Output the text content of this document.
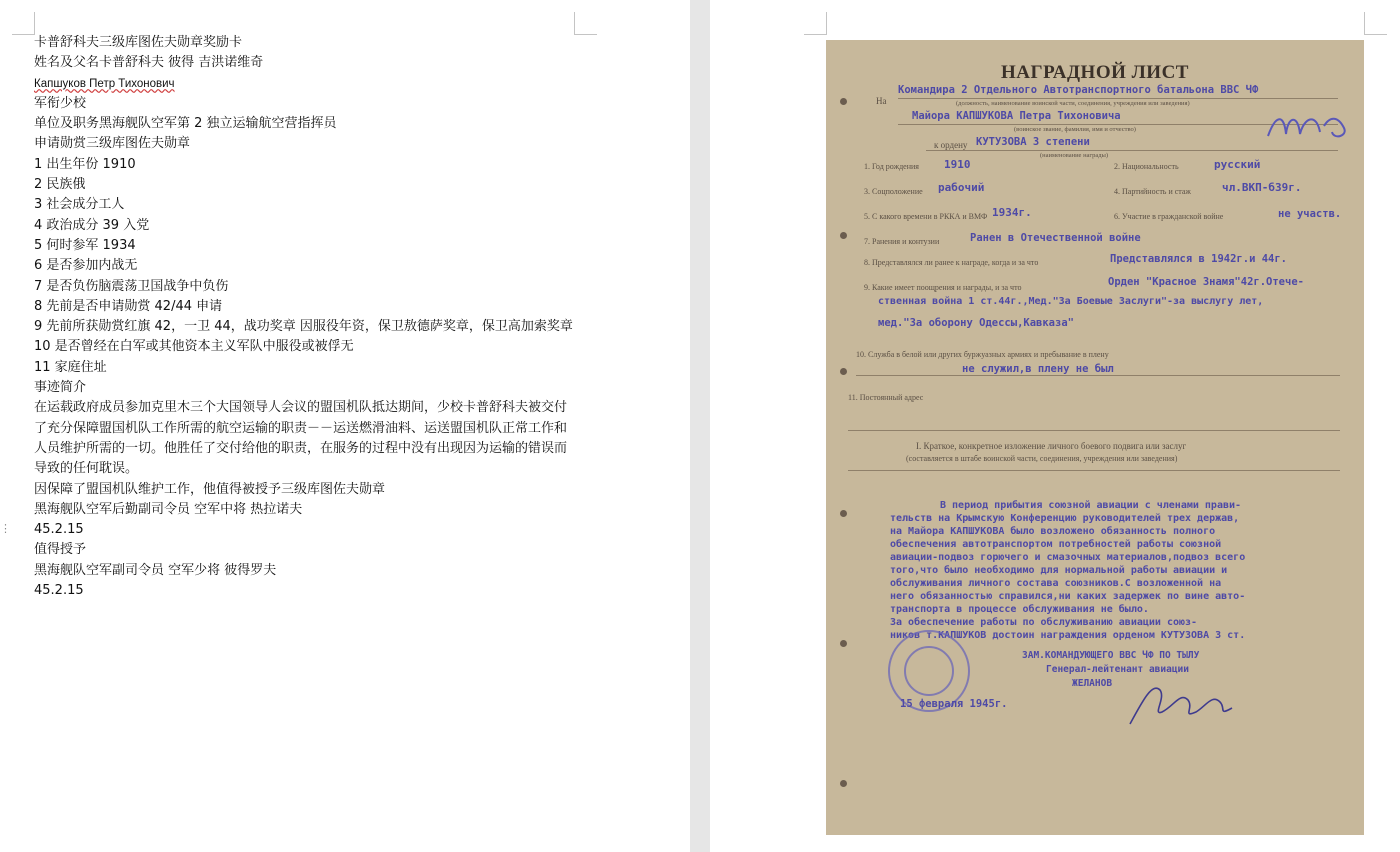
⋮

卡普舒科夫三级库图佐夫勋章奖励卡

姓名及父名卡普舒科夫 彼得 吉洪诺维奇

Капшуков Петр Тихонович

军衔少校

单位及职务黑海舰队空军第 2 独立运输航空营指挥员

申请勋赏三级库图佐夫勋章

1 出生年份 1910

2 民族俄

3 社会成分工人

4 政治成分 39 入党

5 何时参军 1934

6 是否参加内战无

7 是否负伤脑震荡卫国战争中负伤

8 先前是否申请勋赏 42/44 申请

9 先前所获勋赏红旗 42，一卫 44，战功奖章 因服役年资，保卫敖德萨奖章，保卫高加索奖章

10 是否曾经在白军或其他资本主义军队中服役或被俘无

11 家庭住址

事迹简介

在运载政府成员参加克里木三个大国领导人会议的盟国机队抵达期间，少校卡普舒科夫被交付了充分保障盟国机队工作所需的航空运输的职责－－运送燃滑油料、运送盟国机队正常工作和人员维护所需的一切。他胜任了交付给他的职责，在服务的过程中没有出现因为运输的错误而导致的任何耽误。

因保障了盟国机队维护工作，他值得被授予三级库图佐夫勋章

黑海舰队空军后勤副司令员 空军中将 热拉诺夫

45.2.15

值得授予

黑海舰队空军副司令员 空军少将 彼得罗夫

45.2.15

НАГРАДНОЙ ЛИСТ
На
Командира 2 Отдельного Автотранспортного батальона ВВС ЧФ
(должность, наименование воинской части, соединения, учреждения или заведения)
Майора КАПШУКОВА Петра Тихоновича
(воинское звание, фамилия, имя и отчество)
к ордену КУТУЗОВА 3 степени
(наименование награды)
1. Год рождения 1910	2. Национальность	русский
3. Соцположение рабочий	4. Партийность и стаж	чл.ВКП-б39г.
5. С какого времени в РККА и ВМФ 1934г.	6. Участие в гражданской войне	не участв.
7. Ранения и контузии	Ранен в Отечественной войне
8. Представлялся ли ранее к награде, когда и за что	Представлялся в 1942г.и 44г.
9. Какие имеет поощрения и награды, и за что	Орден "Красное Знамя"42г.Отече-
ственная война 1 ст.44г.,Мед."За Боевые Заслуги"-за выслугу лет,
мед."За оборону Одессы,Кавказа"
10. Служба в белой или других буржуазных армиях и пребывание в плену
не служил,в плену не был
11. Постоянный адрес
I. Краткое, конкретное изложение личного боевого подвига или заслуг
(составляется в штабе воинской части, соединения, учреждения или заведения)
В период прибытия союзной авиации с членами прави-
тельств на Крымскую Конференцию руководителей трех держав,
на Майора КАПШУКОВА было возложено обязанность полного
обеспечения автотранспортом потребностей работы союзной
авиации-подвоз горючего и смазочных материалов,подвоз всего
того,что было необходимо для нормальной работы авиации и
обслуживания личного состава союзников.С возложенной на
него обязанностью справился,ни каких задержек по вине авто-
транспорта в процессе обслуживания не было.
За обеспечение работы по обслуживанию авиации союз-
ников т.КАПШУКОВ достоин награждения орденом КУТУЗОВА 3 ст.
ЗАМ.КОМАНДУЮЩЕГО ВВС ЧФ ПО ТЫЛУ
Генерал-лейтенант авиации
ЖЕЛАНОВ
15 февраля 1945г.
